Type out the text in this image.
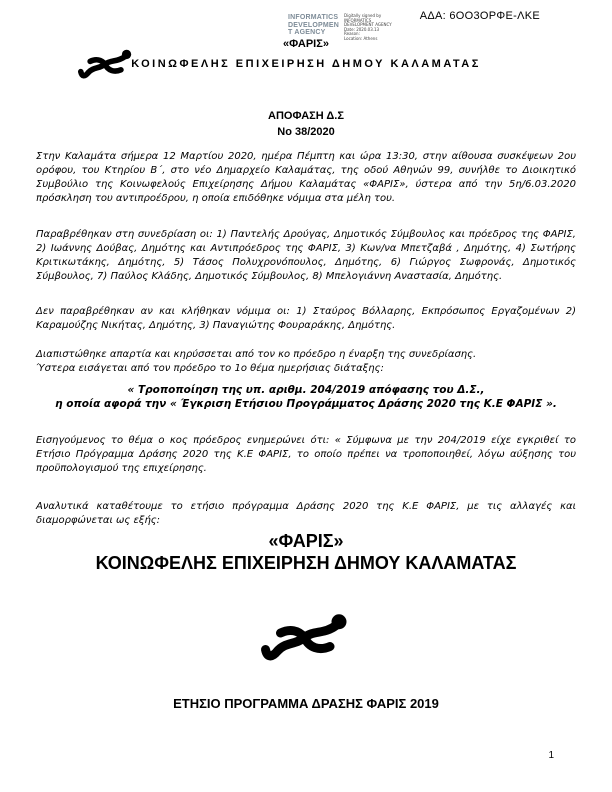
ΑΔΑ: 6ΟΟ3ΟΡΦΕ-ΛΚΕ
INFORMATICS
DEVELOPMEN
T AGENCY
Digitally signed by
INFORMATICS
DEVELOPMENT AGENCY
Date: 2020.03.13
Reason:
Location: Athens
«ΦΑΡΙΣ»
ΚΟΙΝΩΦΕΛΗΣ ΕΠΙΧΕΙΡΗΣΗ ΔΗΜΟΥ ΚΑΛΑΜΑΤΑΣ
ΑΠΟΦΑΣΗ Δ.Σ
Νο 38/2020
Στην Καλαμάτα σήμερα 12 Μαρτίου 2020, ημέρα Πέμπτη και ώρα 13:30, στην αίθουσα συσκέψεων 2ου ορόφου, του Κτηρίου Β΄, στο νέο Δημαρχείο Καλαμάτας, της οδού Αθηνών 99, συνήλθε το Διοικητικό Συμβούλιο της Κοινωφελούς Επιχείρησης Δήμου Καλαμάτας «ΦΑΡΙΣ», ύστερα από την 5η/6.03.2020 πρόσκληση του αντιπροέδρου, η οποία επιδόθηκε νόμιμα στα μέλη του.
Παραβρέθηκαν στη συνεδρίαση οι: 1) Παντελής Δρούγας, Δημοτικός Σύμβουλος και πρόεδρος της ΦΑΡΙΣ, 2) Ιωάννης Δούβας, Δημότης και Αντιπρόεδρος της ΦΑΡΙΣ, 3) Κων/να Μπετζαβά , Δημότης, 4) Σωτήρης Κριτικωτάκης, Δημότης, 5) Τάσος Πολυχρονόπουλος, Δημότης, 6) Γιώργος Σωφρονάς, Δημοτικός Σύμβουλος, 7) Παύλος Κλάδης, Δημοτικός Σύμβουλος, 8) Μπελογιάννη Αναστασία, Δημότης.
Δεν παραβρέθηκαν αν και κλήθηκαν νόμιμα οι: 1) Σταύρος Βόλλαρης, Εκπρόσωπος Εργαζομένων 2) Καραμούζης Νικήτας, Δημότης, 3) Παναγιώτης Φουραράκης, Δημότης.
Διαπιστώθηκε απαρτία και κηρύσσεται από τον κο πρόεδρο η έναρξη της συνεδρίασης.
Ύστερα εισάγεται από τον πρόεδρο το 1ο θέμα ημερήσιας διάταξης:
« Τροποποίηση της υπ. αριθμ. 204/2019 απόφασης του Δ.Σ.,
η οποία αφορά την « Έγκριση Ετήσιου Προγράμματος Δράσης 2020 της Κ.Ε ΦΑΡΙΣ ».
Εισηγούμενος το θέμα ο κος πρόεδρος ενημερώνει ότι: « Σύμφωνα με την 204/2019 είχε εγκριθεί το Ετήσιο Πρόγραμμα Δράσης 2020 της Κ.Ε ΦΑΡΙΣ, το οποίο πρέπει να τροποποιηθεί, λόγω αύξησης του προϋπολογισμού της επιχείρησης.
Αναλυτικά καταθέτουμε το ετήσιο πρόγραμμα Δράσης 2020 της Κ.Ε ΦΑΡΙΣ, με τις αλλαγές και διαμορφώνεται ως εξής:
«ΦΑΡΙΣ»
ΚΟΙΝΩΦΕΛΗΣ ΕΠΙΧΕΙΡΗΣΗ ΔΗΜΟΥ ΚΑΛΑΜΑΤΑΣ
ΕΤΗΣΙΟ ΠΡΟΓΡΑΜΜΑ ΔΡΑΣΗΣ ΦΑΡΙΣ 2019
1
